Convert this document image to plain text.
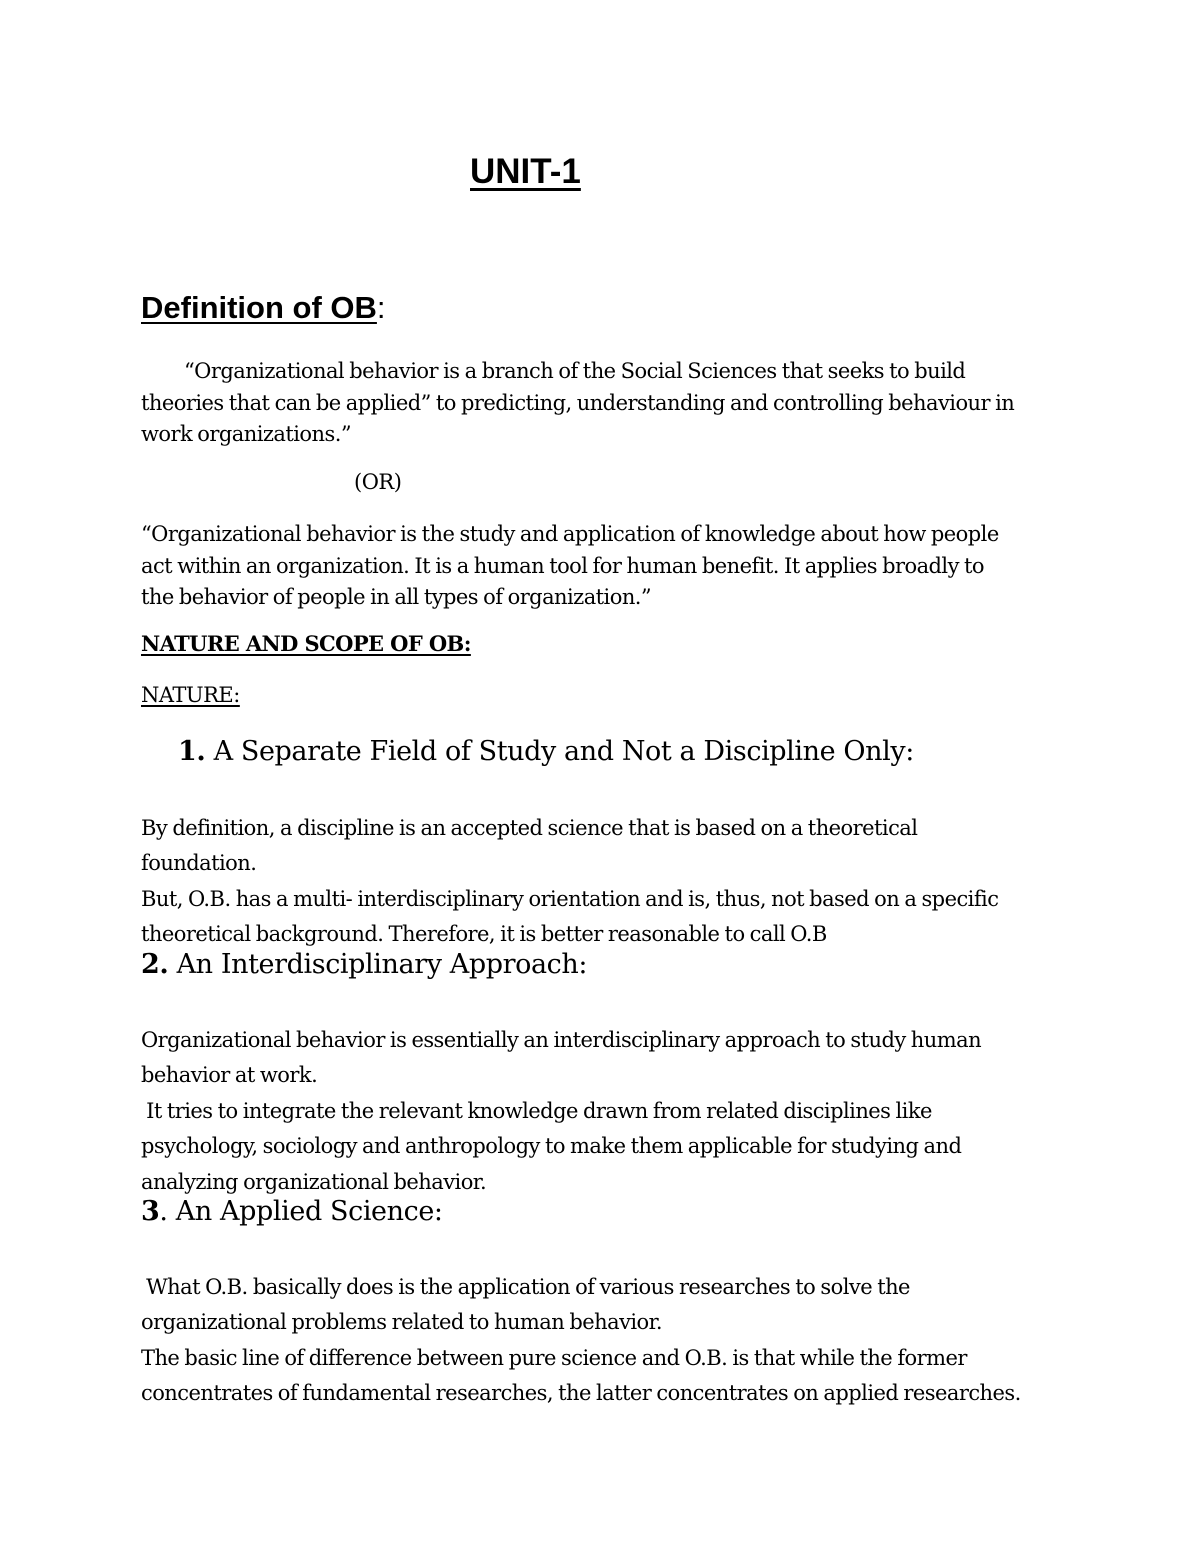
UNIT-1
Definition of OB:
“Organizational behavior is a branch of the Social Sciences that seeks to build
theories that can be applied” to predicting, understanding and controlling behaviour in
work organizations.”
(OR)
“Organizational behavior is the study and application of knowledge about how people
act within an organization. It is a human tool for human benefit. It applies broadly to
the behavior of people in all types of organization.”
NATURE AND SCOPE OF OB:
NATURE:
1. A Separate Field of Study and Not a Discipline Only:
By definition, a discipline is an accepted science that is based on a theoretical
foundation.
But, O.B. has a multi- interdisciplinary orientation and is, thus, not based on a specific
theoretical background. Therefore, it is better reasonable to call O.B
2. An Interdisciplinary Approach:
Organizational behavior is essentially an interdisciplinary approach to study human
behavior at work.
It tries to integrate the relevant knowledge drawn from related disciplines like
psychology, sociology and anthropology to make them applicable for studying and
analyzing organizational behavior.
3. An Applied Science:
What O.B. basically does is the application of various researches to solve the
organizational problems related to human behavior.
The basic line of difference between pure science and O.B. is that while the former
concentrates of fundamental researches, the latter concentrates on applied researches.
